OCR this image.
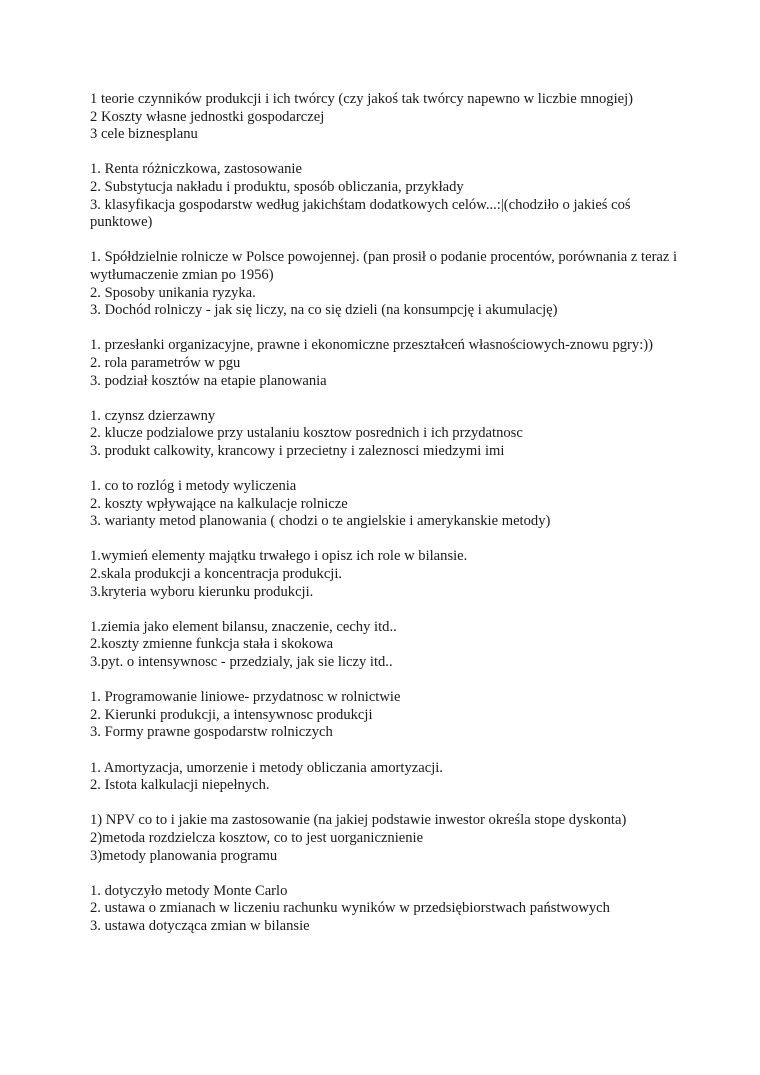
1 teorie czynników produkcji i ich twórcy (czy jakoś tak twórcy napewno w liczbie mnogiej)
2 Koszty własne jednostki gospodarczej
3 cele biznesplanu
1. Renta różniczkowa, zastosowanie
2. Substytucja nakładu i produktu, sposób obliczania, przykłady
3. klasyfikacja gospodarstw według jakichśtam dodatkowych celów...:|(chodziło o jakieś coś punktowe)
1. Spółdzielnie rolnicze w Polsce powojennej. (pan prosił o podanie procentów, porównania z teraz i wytłumaczenie zmian po 1956)
2. Sposoby unikania ryzyka.
3. Dochód rolniczy - jak się liczy, na co się dzieli (na konsumpcję i akumulację)
1. przesłanki organizacyjne, prawne i ekonomiczne przeształceń własnościowych-znowu pgry:))
2. rola parametrów w pgu
3. podział kosztów na etapie planowania
1. czynsz dzierzawny
2. klucze podzialowe przy ustalaniu kosztow posrednich i ich przydatnosc
3. produkt calkowity, krancowy i przecietny i zaleznosci miedzymi imi
1. co to rozlóg i metody wyliczenia
2. koszty wpływające na kalkulacje rolnicze
3. warianty metod planowania ( chodzi o te angielskie i amerykanskie metody)
1.wymień elementy majątku trwałego i opisz ich role w bilansie.
2.skala produkcji a koncentracja produkcji.
3.kryteria wyboru kierunku produkcji.
1.ziemia jako element bilansu, znaczenie, cechy itd..
2.koszty zmienne funkcja stała i skokowa
3.pyt. o intensywnosc - przedzialy, jak sie liczy itd..
1. Programowanie liniowe- przydatnosc w rolnictwie
2. Kierunki produkcji, a intensywnosc produkcji
3. Formy prawne gospodarstw rolniczych
1. Amortyzacja, umorzenie i metody obliczania amortyzacji.
2. Istota kalkulacji niepełnych.
1) NPV co to i jakie ma zastosowanie (na jakiej podstawie inwestor określa stope dyskonta)
2)metoda rozdzielcza kosztow, co to jest uorganicznienie
3)metody planowania programu
1. dotyczyło metody Monte Carlo
2. ustawa o zmianach w liczeniu rachunku wyników w przedsiębiorstwach państwowych
3. ustawa dotycząca zmian w bilansie
